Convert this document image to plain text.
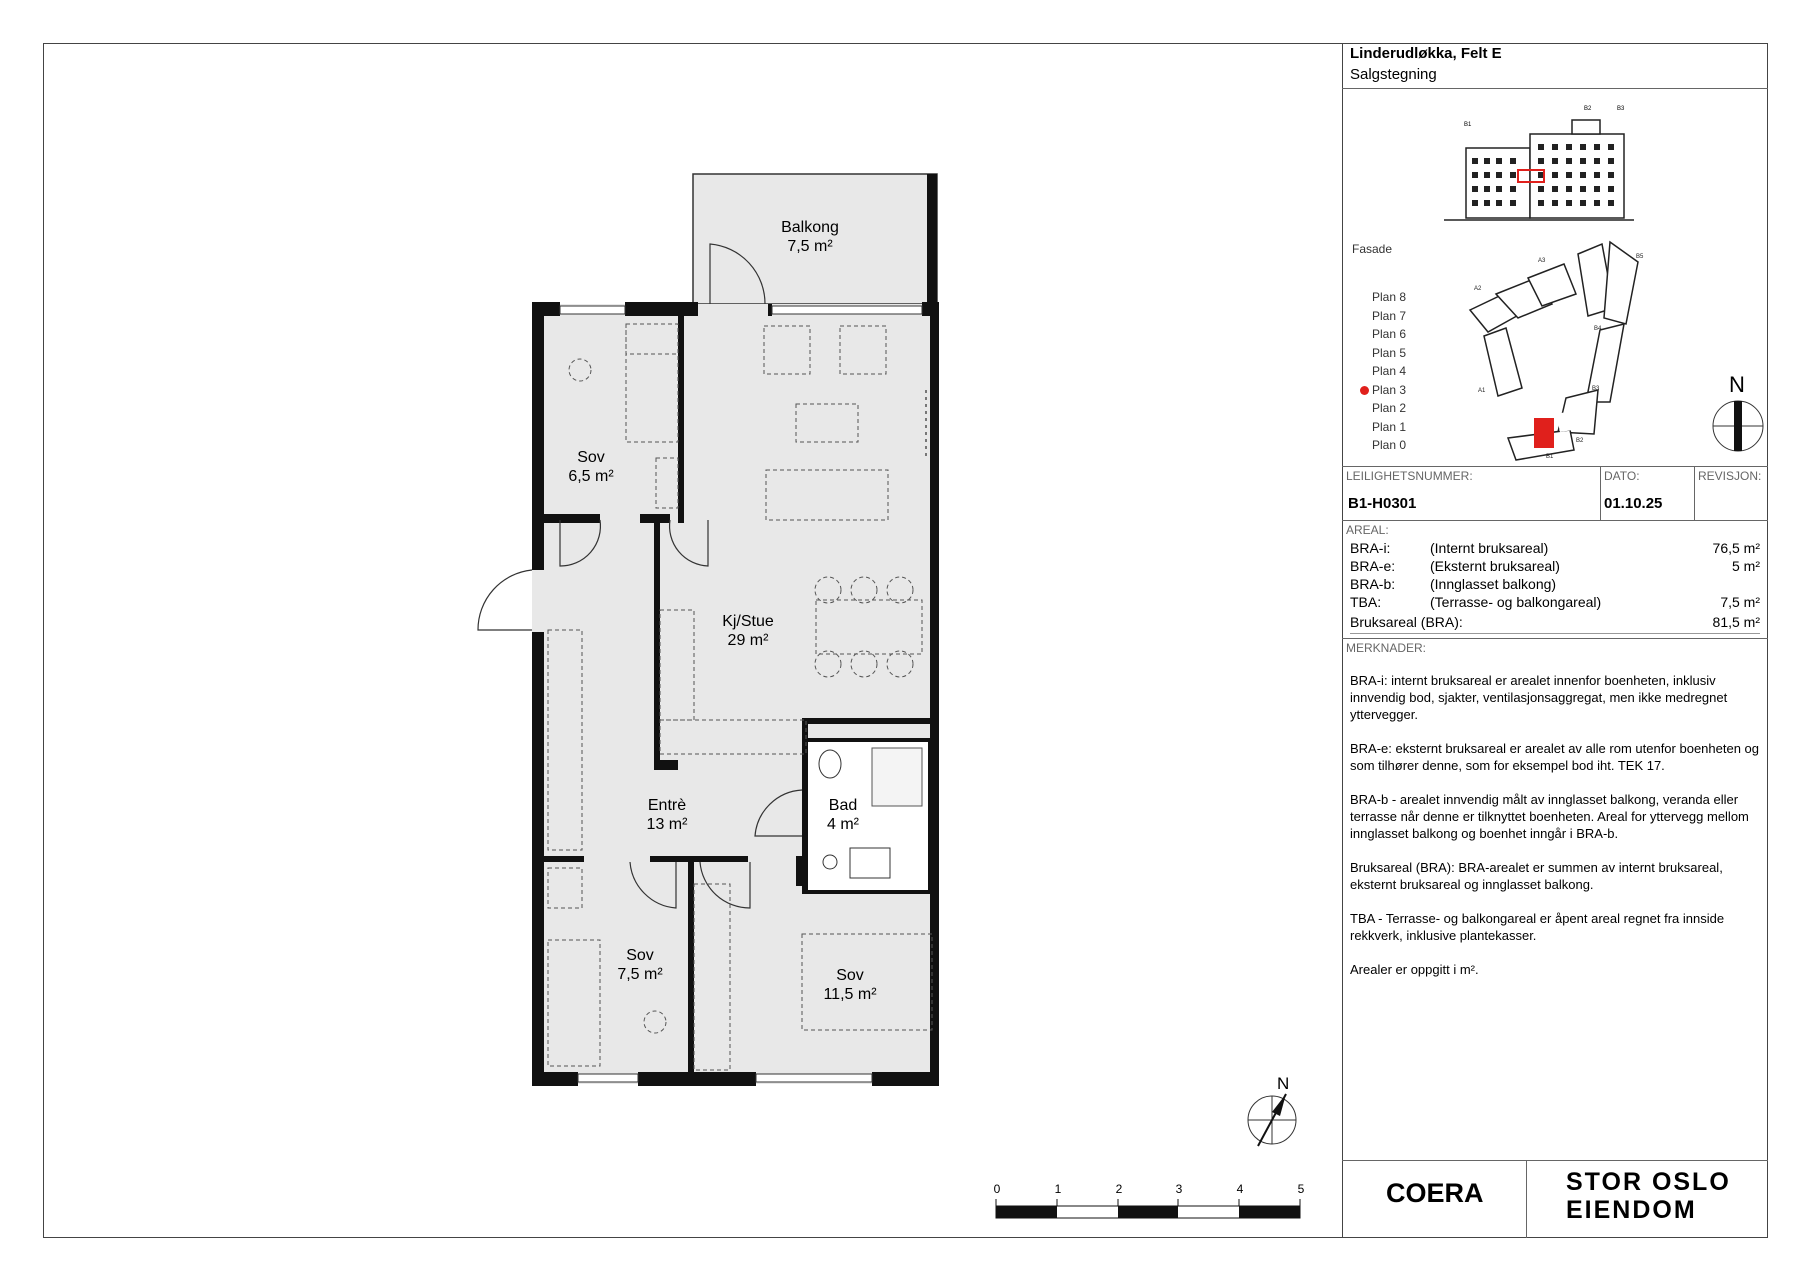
B1
B2	B3
A1
A2
A3
B1
B2
B3
B4
B5
Balkong
7,5 m²
Sov
6,5 m²
Kj/Stue
29 m²
Entrè
13 m²
Bad
4 m²
Sov
7,5 m²	Sov
11,5 m²
N
0	1	2	3	4	5
Linderudløkka, Felt E
Salgstegning
Fasade
Plan 8
Plan 7
Plan 6
Plan 5
Plan 4
Plan 3
Plan 2
Plan 1
Plan 0
N
LEILIGHETSNUMMER:	DATO:	REVISJON:
B1-H0301	01.10.25
AREAL:
BRA-i:	(Internt bruksareal)	76,5 m²
BRA-e: (Eksternt bruksareal)	5 m²
BRA-b: (Innglasset balkong)
TBA:	(Terrasse- og balkongareal)	7,5 m²
Bruksareal (BRA):	81,5 m²
MERKNADER:

BRA-i: internt bruksareal er arealet innenfor boenheten, inklusiv innvendig bod, sjakter, ventilasjonsaggregat, men ikke medregnet yttervegger.

BRA-e: eksternt bruksareal er arealet av alle rom utenfor boenheten og som tilhører denne, som for eksempel bod iht. TEK 17.

BRA-b - arealet innvendig målt av innglasset balkong, veranda eller terrasse når denne er tilknyttet boenheten. Areal for yttervegg mellom innglasset balkong og boenhet inngår i BRA-b.

Bruksareal (BRA): BRA-arealet er summen av internt bruksareal, eksternt bruksareal og innglasset balkong.

TBA - Terrasse- og balkongareal er åpent areal regnet fra innside rekkverk, inklusive plantekasser.

Arealer er oppgitt i m².

COERA	STOR OSLO
EIENDOM
